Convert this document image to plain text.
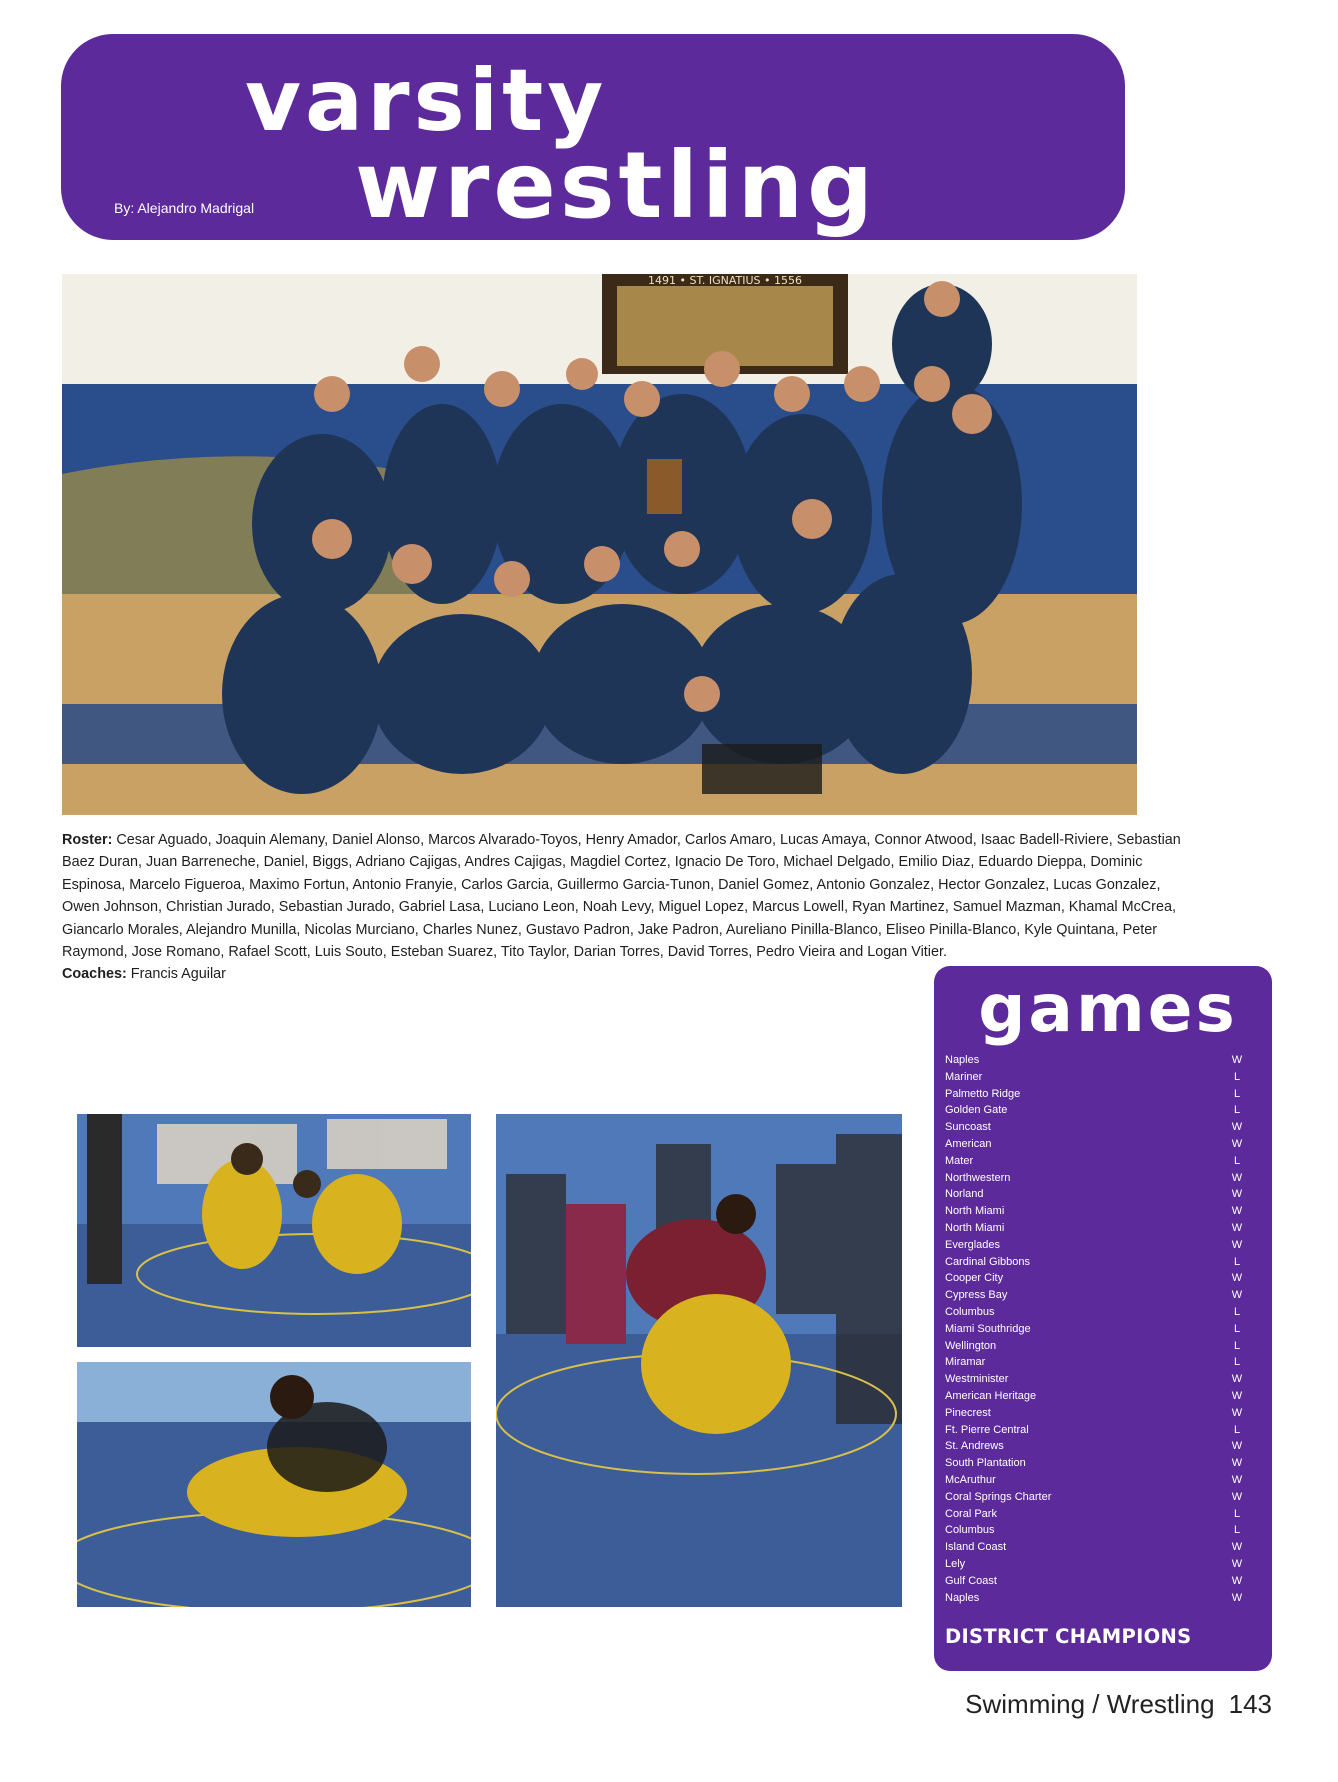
varsity
wrestling
By: Alejandro Madrigal
1491 • ST. IGNATIUS • 1556
Roster: Cesar Aguado, Joaquin Alemany, Daniel Alonso, Marcos Alvarado-Toyos, Henry Amador, Carlos Amaro, Lucas Amaya, Connor Atwood, Isaac Badell-Riviere, Sebastian Baez Duran, Juan Barreneche, Daniel, Biggs, Adriano Cajigas, Andres Cajigas, Magdiel Cortez, Ignacio De Toro, Michael Delgado, Emilio Diaz, Eduardo Dieppa, Dominic Espinosa, Marcelo Figueroa, Maximo Fortun, Antonio Franyie, Carlos Garcia, Guillermo Garcia-Tunon, Daniel Gomez, Antonio Gonzalez, Hector Gonzalez, Lucas Gonzalez, Owen Johnson, Christian Jurado, Sebastian Jurado, Gabriel Lasa, Luciano Leon, Noah Levy, Miguel Lopez, Marcus Lowell, Ryan Martinez, Samuel Mazman, Khamal McCrea, Giancarlo Morales, Alejandro Munilla, Nicolas Murciano, Charles Nunez, Gustavo Padron, Jake Padron, Aureliano Pinilla-Blanco, Eliseo Pinilla-Blanco, Kyle Quintana, Peter Raymond, Jose Romano, Rafael Scott, Luis Souto, Esteban Suarez, Tito Taylor, Darian Torres, David Torres, Pedro Vieira and Logan Vitier.
Coaches: Francis Aguilar	games
Naples	W
Mariner	L
Palmetto Ridge	L
Golden Gate	L
Suncoast	W
American	W
Mater	L
Northwestern	W
Norland	W
North Miami	W
North Miami	W
Everglades	W
Cardinal Gibbons	L
Cooper City	W
Cypress Bay	W
Columbus	L
Miami Southridge	L
Wellington	L
Miramar	L
Westminister	W
American Heritage	W
Pinecrest	W
Ft. Pierre Central	L
St. Andrews	W
South Plantation	W
McAruthur	W
Coral Springs Charter	W
Coral Park	L
Columbus	L
Island Coast	W
Lely	W
Gulf Coast	W
Naples	W
DISTRICT CHAMPIONS
Swimming / Wrestling 143
